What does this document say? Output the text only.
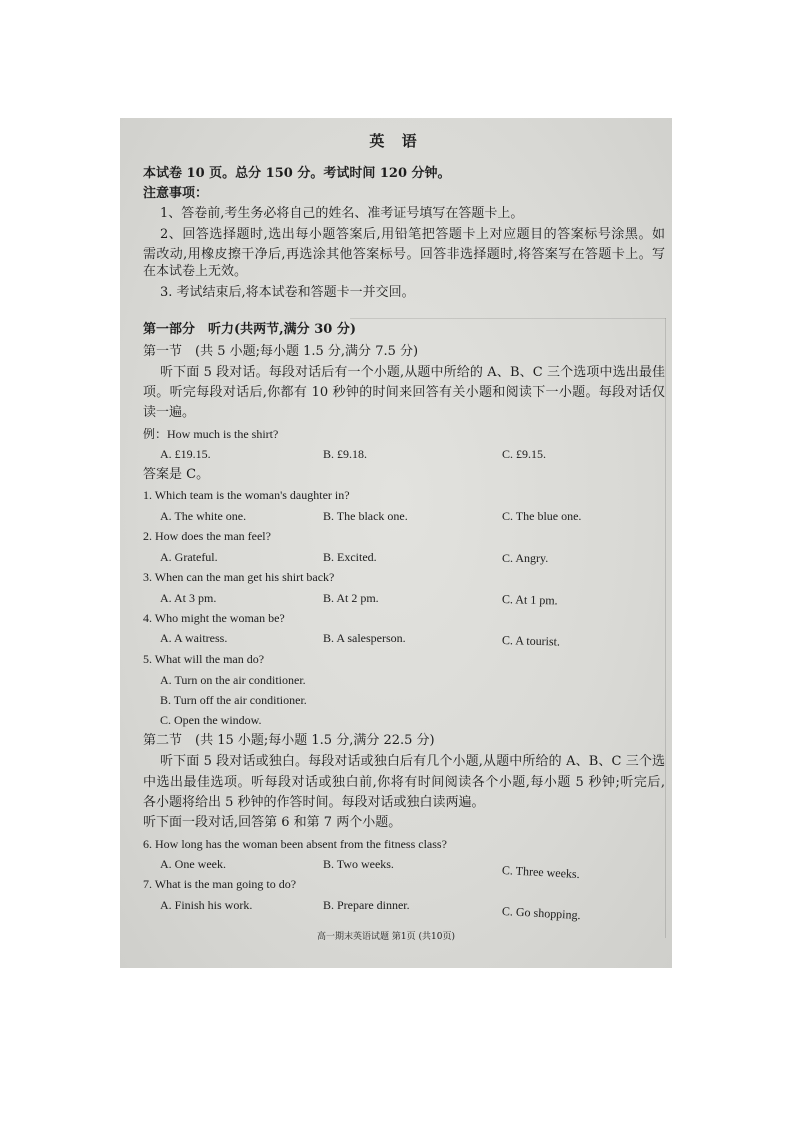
英 语
本试卷 10 页。总分 150 分。考试时间 120 分钟。
注意事项：
1、答卷前,考生务必将自己的姓名、准考证号填写在答题卡上。
2、回答选择题时,选出每小题答案后,用铅笔把答题卡上对应题目的答案标号涂黑。如
需改动,用橡皮擦干净后,再选涂其他答案标号。回答非选择题时,将答案写在答题卡上。写
在本试卷上无效。
3. 考试结束后,将本试卷和答题卡一并交回。
第一部分　听力(共两节,满分 30 分)
第一节　(共 5 小题;每小题 1.5 分,满分 7.5 分)
听下面 5 段对话。每段对话后有一个小题,从题中所给的 A、B、C 三个选项中选出最佳
项。听完每段对话后,你都有 10 秒钟的时间来回答有关小题和阅读下一小题。每段对话仅
读一遍。
例：How much is the shirt?
A. £19.15.	B. £9.18.	C. £9.15.
答案是 C。
1. Which team is the woman's daughter in?
A. The white one.	B. The black one.	C. The blue one.
2. How does the man feel?
A. Grateful.	B. Excited.	C. Angry.
3. When can the man get his shirt back?
A. At 3 pm.	B. At 2 pm.	C. At 1 pm.
4. Who might the woman be?
A. A waitress.	B. A salesperson.	C. A tourist.
5. What will the man do?
A. Turn on the air conditioner.
B. Turn off the air conditioner.
C. Open the window.
第二节　(共 15 小题;每小题 1.5 分,满分 22.5 分)
听下面 5 段对话或独白。每段对话或独白后有几个小题,从题中所给的 A、B、C 三个选
中选出最佳选项。听每段对话或独白前,你将有时间阅读各个小题,每小题 5 秒钟;听完后,
各小题将给出 5 秒钟的作答时间。每段对话或独白读两遍。
听下面一段对话,回答第 6 和第 7 两个小题。
6. How long has the woman been absent from the fitness class?
A. One week.	B. Two weeks.	C. Three weeks.
7. What is the man going to do?
A. Finish his work.	B. Prepare dinner.	C. Go shopping.
高一期末英语试题 第1页 (共10页)
